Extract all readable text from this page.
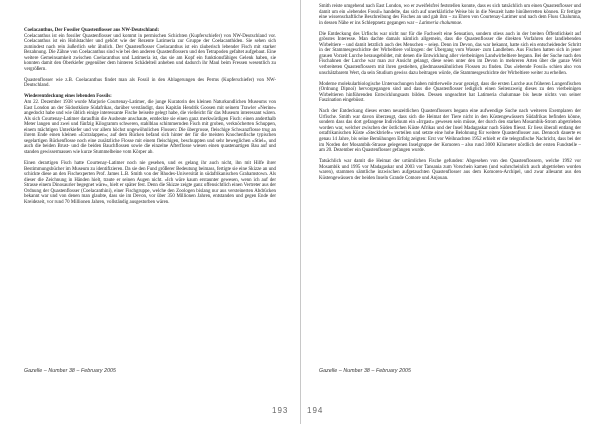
Coelacanthus, Der Fossiler Quastenflosser aus NW-Deutschland:

Coelacanthus ist ein fossiler Quastenflosser und kommt in permischen Schichten (Kupferschiefer) von NW-Deutschland vor. Coelacanthus ist ein Hohlstachler und gehört wie der Rezente Latimeria zur Gruppe der Coelacanthiden. Sie sehen sich zumindest nach rein äußerlich sehr ähnlich. Der Quastenflosser Coelacanthus ist ein räuberisch lebender Fisch mit starker Bezahnung. Die Zähne von Coelacanthus sind wie bei den anderen Quastenflossern und den Tetrapoden gefaltet aufgebaut. Eine weitere Gemeinsamkeit zwischen Coelacanthus und Latimeria ist, das sie am Kopf ein funktionsfähiges Gelenk haben, sie konnten damit den Oberkiefer gegenüber dem hinteren Schädelteil anheben und dadurch ihr Maul beim Fressen wesentlich zu vergrößern.

Quastenflosser wie z.B. Coelacanthus findet man als Fossil in den Ablagerungen des Perms (Kupferschiefer) von NW-Deutschland.

Wiederentdeckung eines lebenden Fossils:

Am 22. Dezember 1938 wurde Marjorie Courtenay-Latimer, die junge Kuratorin des kleinen Naturkundlichen Museums von East London an der Südostküste Südafrikas, darüber verständigt, dass Kapitän Hendrik Goosen mit seinem Trawler »Nerine« angedockt habe und wie üblich einige interessante Fische beiseite gelegt habe, die vielleicht für das Museum interessant wären. Als sich Courtenay-Latimer daraufhin die Ausbeute anschaute, entdeckte sie einen ganz merkwürdigen Fisch: einen anderthalb Meter langen und zwei und fünfzig Kilogramm schweren, stahlblau schimmernden Fisch mit groben, verknöcherten Schuppen, einem mächtigen Unterkiefer und vor allem höchst ungewöhnlichen Flossen: Die übergrosse, fleischige Schwanzflosse trug an ihrem Ende einen kleinen »Extralappen«; auf dem Rücken befand sich hinter der für die meisten Knochenfische typischen segelartigen Rückenflosse noch eine zusätzliche Flosse mit einem fleischigen, beschuppten und sehr beweglichen »Stiel«, und auch die beiden Brust- und die beiden Bauchflossen sowie die einzelne Afterflosse wiesen einen quastenartigen Bau auf und standen gewissermassen wie kurze Stummelbeine vom Körper ab.

Einen derartigen Fisch hatte Courtenay-Latimer noch nie gesehen, und es gelang ihr auch nicht, ihn mit Hilfe ihrer Bestimmungsbücher im Museum zu identifizieren. Da sie den Fund größerer Bedeutung beimass, fertigte sie eine Skizze an und schickte diese an den Fischexperten Prof. James L.B. Smith von der Rhodes-Universität in südafrikanischen Grahamstown. Als dieser die Zeichnung in Händen hielt, traute er seinen Augen nicht. »Ich wäre kaum erstaunter gewesen, wenn ich auf der Strasse einem Dinosaurier begegnet wäre«, hielt er später fest. Denn die Skizze zeigte ganz offensichtlich einen Vertreter aus der Ordnung der Quastenflosser (Coelacanthini), einer Fischgruppe, welche den Zoologen bislang nur aus versteinerten Abdrücken bekannt war und von denen man glaubte, dass sie im Devon, vor über 350 Millionen Jahren, entstanden und gegen Ende der Kreidezeit, vor rund 70 Millionen Jahren, vollständig ausgestorben wären.

Gazelle – Number 38 – February 2005
193

Smith reiste umgehend nach East London, wo er zweifelsfrei feststellen konnte, dass es sich tatsächlich um einen Quastenflosser und damit um ein »lebendes Fossil« handelte, das sich auf unerklärliche Weise bis in die Neuzeit hatte hinüberretten können. Er fertigte eine wissenschaftliche Beschreibung des Fisches an und gab ihm – zu Ehren von Courtenay-Latimer und nach dem Fluss Chalumna, in dessen Nähe er ins Schleppnetz gegangen war – Latimeria chalumnae.

Die Entdeckung des Urfischs war nicht nur für die Fachwelt eine Sensation, sondern stiess auch in der breiten Öffentlichkeit auf grösstes Interesse. Man dachte damals nämlich allgemein, dass die Quastenflosser die direkten Vorfahren der landlebenden Wirbeltiere – und damit letztlich auch des Menschen – seien. Denn im Devon, das war bekannt, hatte sich ein entscheidender Schritt in der Stammesgeschichte der Wirbeltiere vollzogen: der Übergang vom Wasser- zum Landleben. Aus Fischen hatten sich in jener grauen Vorzeit Lurche herausgebildet, mit denen die Entwicklung aller vierbeinigen Landwirbeltiere begann. Bei der Suche nach den Fischahnen der Lurche war man zur Ansicht gelangt, diese seien unter den im Devon in mehreren Arten über die ganze Welt verbreiteten Quastenflossern mit ihren gestielten, gliedmassenähnlichen Flossen zu finden. Das »lebende Fossil« schien also von unschätzbarem Wert, da sein Studium gewiss dazu beitragen würde, die Stammesgeschichte der Wirbeltiere weiter zu erhellen.

Moderne molekularbiologische Untersuchungen haben mittlerweile zwar gezeigt, dass die ersten Lurche aus früheren Lungenfischen (Ordnung Dipnoi) hervorgegangen sind und dass die Quastenflosser lediglich einen Seitenzweig dieses zu den vierbeinigen Wirbeltieren hinführenden Entwicklungsasts bilden. Dessen ungeachtet hat Latimeria chalumnae bis heute nichts von seiner Faszination eingebüsst.

Nach der Entdeckung dieses ersten neuzeitlichen Quastenflossers begann eine aufwendige Suche nach weiteren Exemplaren der Urfische. Smith war davon überzeugt, dass sich die Heimat der Tiere nicht in den Küstengewässern Südafrikas befinden könne, sondern dass das dort gefangene Individuum ein »Irrgast« gewesen sein müsse, der durch den starken Mosambik-Strom abgetrieben worden war, welcher zwischen der östlichen Küste Afrikas und der Insel Madagaskar nach Süden fliesst. Er liess überall entlang der ostafrikanischen Küste »Steckbriefe« verteilen und setzte eine hohe Belohnung für weitere Quastenflosser aus. Dennoch dauerte es genau 14 Jahre, bis seine Bemühungen Erfolg zeigten: Erst vor Weihnachten 1952 erhielt er die telegrafische Nachricht, dass bei der im Norden der Mosambik-Strasse gelegenen Inselgruppe der Komoren – also rund 3000 Kilometer nördlich der ersten Fundstelle – am 20. Dezember ein Quastenflosser gefangen wurde.

Tatsächlich war damit die Heimat der urtümlichen Fische gefunden: Abgesehen von den Quastenflossern, welche 1992 vor Mosambik und 1995 vor Madagaskar und 2003 vor Tansania zum Vorschein kamen (und wahrscheinlich auch abgetrieben worden waren), stammen sämtliche inzwischen aufgetauchten Quastenflosser aus dem Komoren-Archipel, und zwar allesamt aus den Küstengewässern der beiden Inseln Grande Comore und Anjouan.

Gazelle – Number 38 – February 2005
194
